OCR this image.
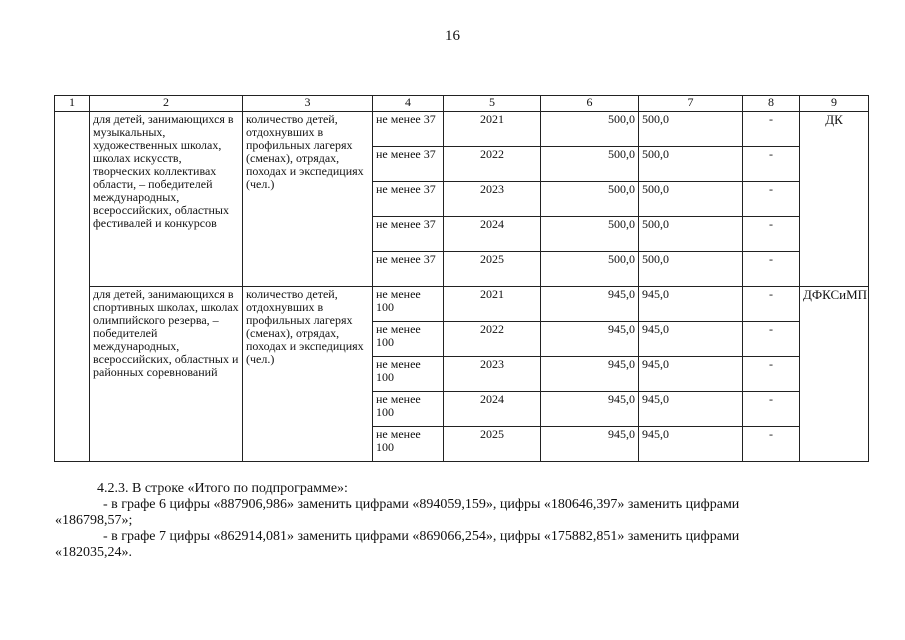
16
1	2	3	4	5	6	7	8	9
	для детей, занимающихся в музыкальных, художественных школах, школах искусств, творческих коллективах области, – победителей международных, всероссийских, областных фестивалей и конкурсов	количество детей, отдохнувших в профильных лагерях (сменах), отрядах, походах и экспедициях (чел.)	не менее 37	2021	500,0	500,0	-	ДК
			не менее 37	2022	500,0	500,0	-	
			не менее 37	2023	500,0	500,0	-	
			не менее 37	2024	500,0	500,0	-	
			не менее 37	2025	500,0	500,0	-	
	для детей, занимающихся в спортивных школах, школах олимпийского резерва, – победителей международных, всероссийских, областных и районных соревнований	количество детей, отдохнувших в профильных лагерях (сменах), отрядах, походах и экспедициях (чел.)	не менее 100	2021	945,0	945,0	-	ДФКСиМП
			не менее 100	2022	945,0	945,0	-	
			не менее 100	2023	945,0	945,0	-	
			не менее 100	2024	945,0	945,0	-	
			не менее 100	2025	945,0	945,0	-	
4.2.3. В строке «Итого по подпрограмме»:
- в графе 6 цифры «887906,986» заменить цифрами «894059,159», цифры «180646,397» заменить цифрами
«186798,57»;
- в графе 7 цифры «862914,081» заменить цифрами «869066,254», цифры «175882,851» заменить цифрами
«182035,24».
